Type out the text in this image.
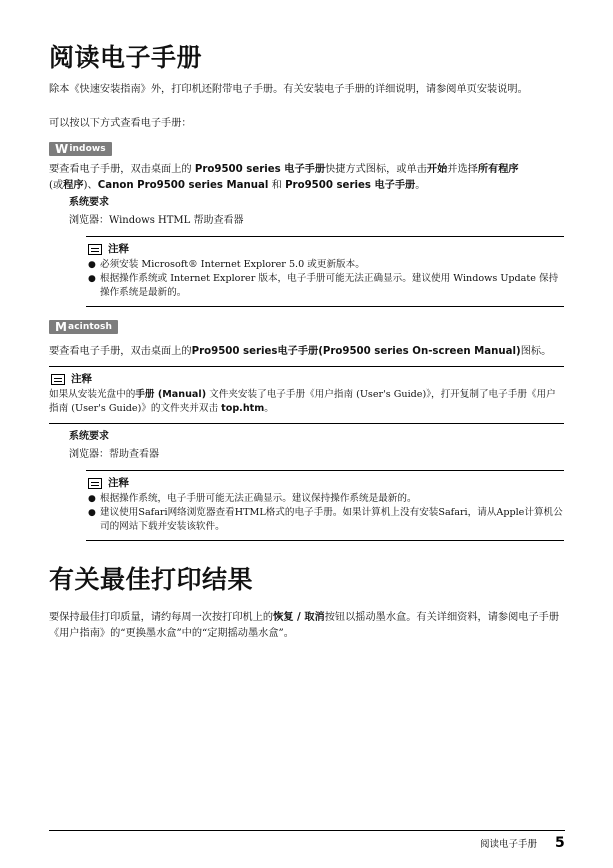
阅读电子手册

除本《快速安装指南》外，打印机还附带电子手册。有关安装电子手册的详细说明，请参阅单页安装说明。

可以按以下方式查看电子手册：

W indows

要查看电子手册，双击桌面上的 Pro9500 series 电子手册快捷方式图标，或单击开始并选择所有程序

(或程序)、Canon Pro9500 series Manual 和 Pro9500 series 电子手册。

系统要求
浏览器：Windows HTML 帮助查看器
注释
● 必须安装 Microsoft® Internet Explorer 5.0 或更新版本。
● 根据操作系统或 Internet Explorer 版本，电子手册可能无法正确显示。建议使用 Windows Update 保持操作系统是最新的。
M acintosh

要查看电子手册，双击桌面上的Pro9500 series电子手册(Pro9500 series On-screen Manual)图标。

注释
如果从安装光盘中的手册 (Manual) 文件夹安装了电子手册《用户指南 (User's Guide)》，打开复制了电子手册《用户指南 (User's Guide)》的文件夹并双击 top.htm。
系统要求
浏览器：帮助查看器
注释
● 根据操作系统，电子手册可能无法正确显示。建议保持操作系统是最新的。
● 建议使用Safari网络浏览器查看HTML格式的电子手册。如果计算机上没有安装Safari，请从Apple计算机公司的网站下载并安装该软件。
有关最佳打印结果

要保持最佳打印质量，请约每周一次按打印机上的恢复 / 取消按钮以摇动墨水盒。有关详细资料，请参阅电子手册《用户指南》的“更换墨水盒”中的“定期摇动墨水盒”。

阅读电子手册 5
